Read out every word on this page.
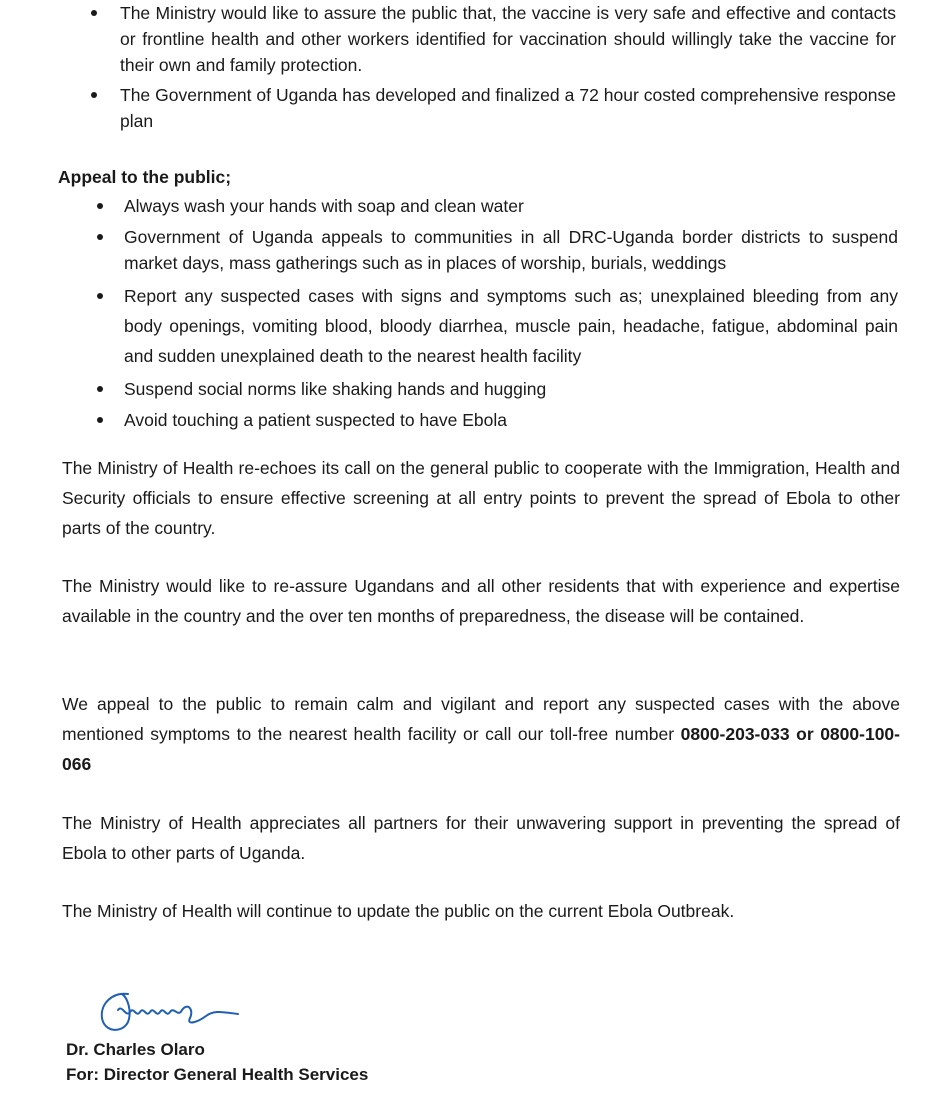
The Ministry would like to assure the public that, the vaccine is very safe and effective and contacts or frontline health and other workers identified for vaccination should willingly take the vaccine for their own and family protection.
The Government of Uganda has developed and finalized a 72 hour costed comprehensive response plan
Appeal to the public;
Always wash your hands with soap and clean water
Government of Uganda appeals to communities in all DRC-Uganda border districts to suspend market days, mass gatherings such as in places of worship, burials, weddings
Report any suspected cases with signs and symptoms such as; unexplained bleeding from any body openings, vomiting blood, bloody diarrhea, muscle pain, headache, fatigue, abdominal pain and sudden unexplained death to the nearest health facility
Suspend social norms like shaking hands and hugging
Avoid touching a patient suspected to have Ebola

The Ministry of Health re-echoes its call on the general public to cooperate with the Immigration, Health and Security officials to ensure effective screening at all entry points to prevent the spread of Ebola to other parts of the country.

The Ministry would like to re-assure Ugandans and all other residents that with experience and expertise available in the country and the over ten months of preparedness, the disease will be contained.

We appeal to the public to remain calm and vigilant and report any suspected cases with the above mentioned symptoms to the nearest health facility or call our toll-free number 0800-203-033 or 0800-100-066

The Ministry of Health appreciates all partners for their unwavering support in preventing the spread of Ebola to other parts of Uganda.

The Ministry of Health will continue to update the public on the current Ebola Outbreak.

Dr. Charles Olaro
For: Director General Health Services
